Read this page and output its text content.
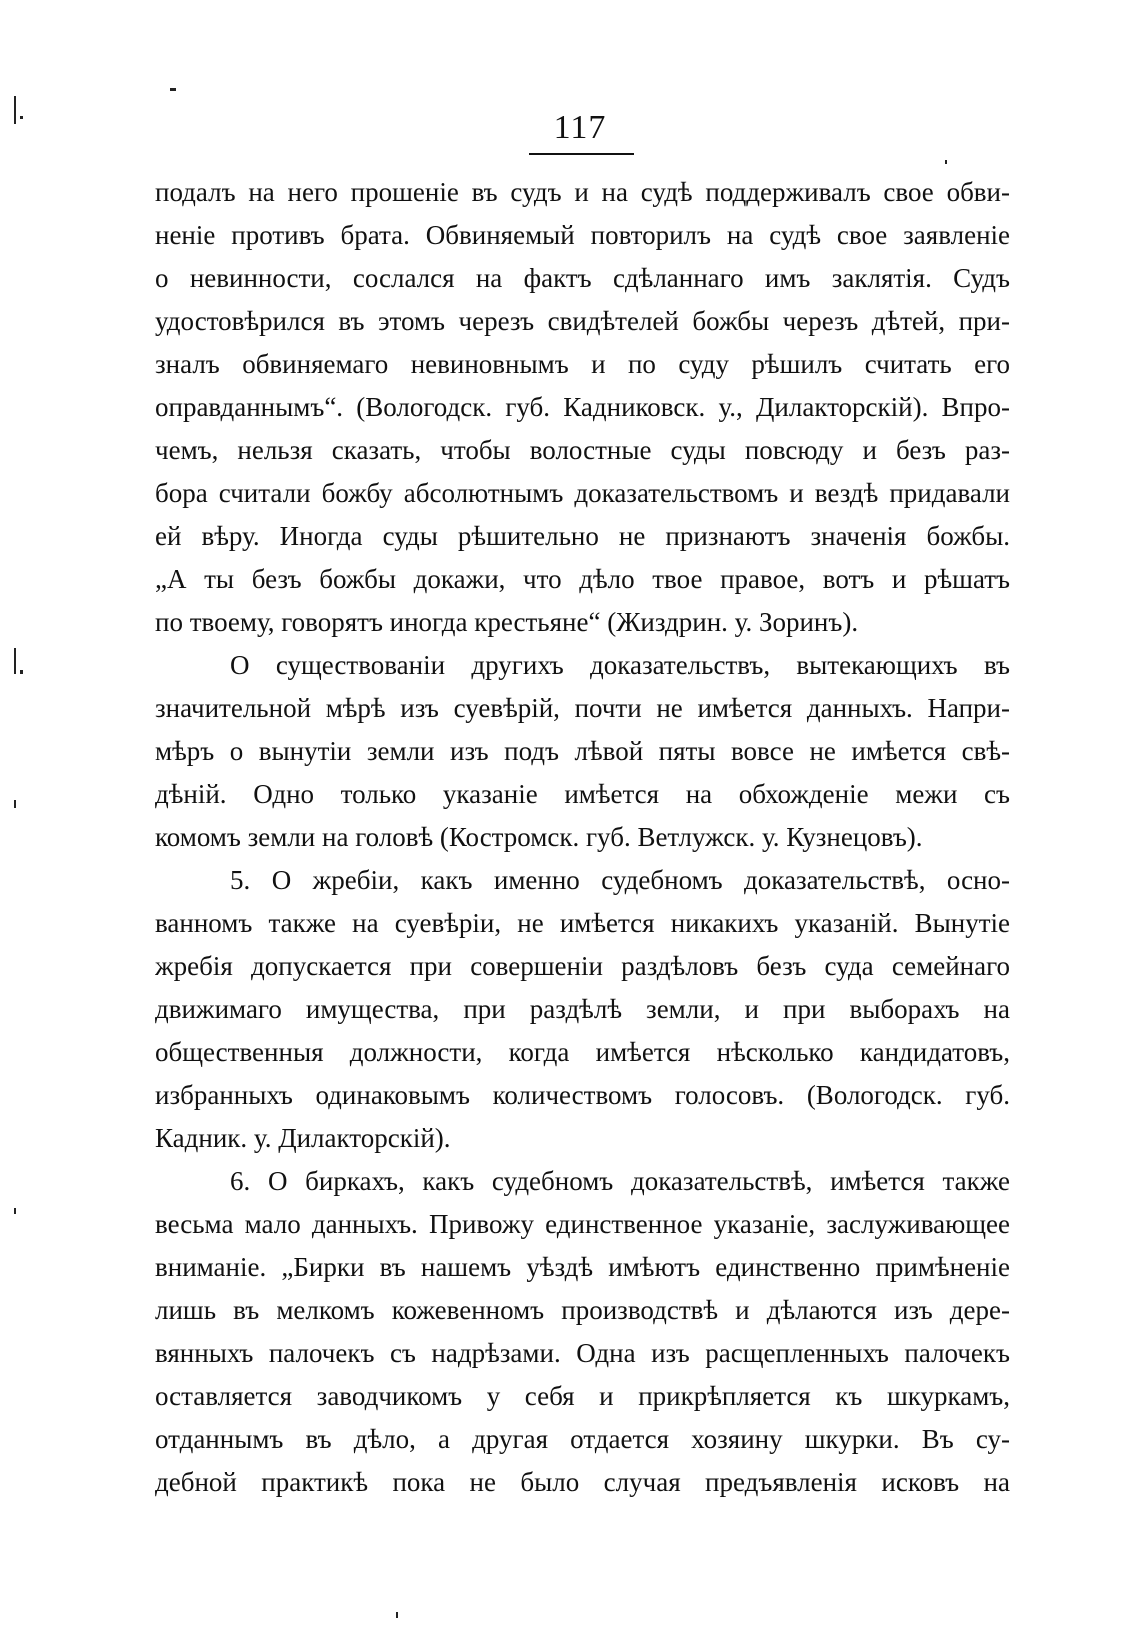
117
подалъ на него прошеніе въ судъ и на судѣ поддерживалъ свое обви-
неніе противъ брата. Обвиняемый повторилъ на судѣ свое заявленіе
о невинности, сослался на фактъ сдѣланнаго имъ заклятія. Судъ
удостовѣрился въ этомъ черезъ свидѣтелей божбы черезъ дѣтей, при-
зналъ обвиняемаго невиновнымъ и по суду рѣшилъ считать его
оправданнымъ“. (Вологодск. губ. Кадниковск. у., Дилакторскій). Впро-
чемъ, нельзя сказать, чтобы волостные суды повсюду и безъ раз-
бора считали божбу абсолютнымъ доказательствомъ и вездѣ придавали
ей вѣру. Иногда суды рѣшительно не признаютъ значенія божбы.
„А ты безъ божбы докажи, что дѣло твое правое, вотъ и рѣшатъ
по твоему, говорятъ иногда крестьяне“ (Жиздрин. у. Зоринъ).
О существованіи другихъ доказательствъ, вытекающихъ въ
значительной мѣрѣ изъ суевѣрій, почти не имѣется данныхъ. Напри-
мѣръ о вынутіи земли изъ подъ лѣвой пяты вовсе не имѣется свѣ-
дѣній. Одно только указаніе имѣется на обхожденіе межи съ
комомъ земли на головѣ (Костромск. губ. Ветлужск. у. Кузнецовъ).
5. О жребіи, какъ именно судебномъ доказательствѣ, осно-
ванномъ также на суевѣріи, не имѣется никакихъ указаній. Вынутіе
жребія допускается при совершеніи раздѣловъ безъ суда семейнаго
движимаго имущества, при раздѣлѣ земли, и при выборахъ на
общественныя должности, когда имѣется нѣсколько кандидатовъ,
избранныхъ одинаковымъ количествомъ голосовъ. (Вологодск. губ.
Кадник. у. Дилакторскій).
6. О биркахъ, какъ судебномъ доказательствѣ, имѣется также
весьма мало данныхъ. Привожу единственное указаніе, заслуживающее
вниманіе. „Бирки въ нашемъ уѣздѣ имѣютъ единственно примѣненіе
лишь въ мелкомъ кожевенномъ производствѣ и дѣлаются изъ дере-
вянныхъ палочекъ съ надрѣзами. Одна изъ расщепленныхъ палочекъ
оставляется заводчикомъ у себя и прикрѣпляется къ шкуркамъ,
отданнымъ въ дѣло, а другая отдается хозяину шкурки. Въ су-
дебной практикѣ пока не было случая предъявленія исковъ на
